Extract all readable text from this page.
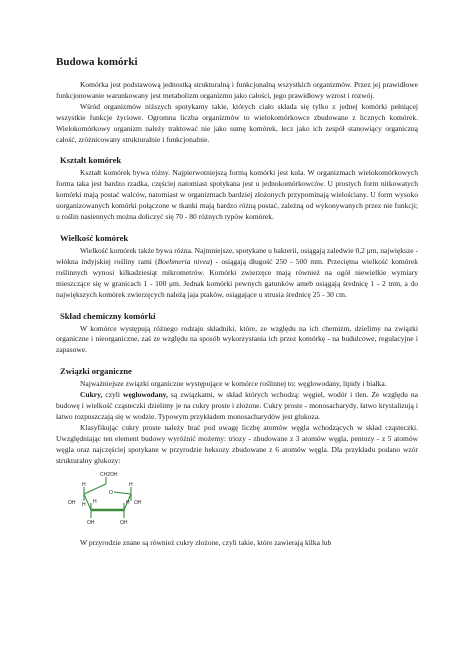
Budowa komórki

Komórka jest podstawową jednostką strukturalną i funkcjonalną wszystkich organizmów. Przez jej prawidłowe funkcjonowanie warunkowany jest metabolizm organizmu jako całości, jego prawidłowy wzrost i rozwój.

Wśród organizmów niższych spotykamy takie, których ciało składa się tylko z jednej komórki pełniącej wszystkie funkcje życiowe. Ogromna liczba organizmów to wielokomórkowce zbudowane z licznych komórek. Wielokomórkowy organizm należy traktować nie jako sumę komórek, lecz jako ich zespół stanowiący organiczną całość, zróżnicowany strukturalnie i funkcjonalnie.

Kształt komórek

Kształt komórek bywa różny. Najpierwotniejszą formą komórki jest kula. W organizmach wielokomórkowych forma taka jest bardzo rzadka, częściej natomiast spotykana jest u jednokomórkowców. U prostych form nitkowatych komórki mają postać walców, natomiast w organizmach bardziej złożonych przypominają wielościany. U form wysoko uorganizowanych komórki połączone w tkanki mają bardzo różną postać, zależną od wykonywanych przez nie funkcji; u roślin nasiennych można doliczyć się 70 - 80 różnych typów komórek.

Wielkość komórek

Wielkość komórek także bywa różna. Najmniejsze, spotykane u bakterii, osiągają zaledwie 0,2 μm, największe - włókna indyjskiej rośliny rami (Boehmeria nivea) - osiągają długość 250 - 500 mm. Przeciętna wielkość komórek roślinnych wynosi kilkadziesiąt mikrometrów. Komórki zwierzęce mają również na ogół niewielkie wymiary mieszczące się w granicach 1 - 100 μm. Jednak komórki pewnych gatunków ameb osiągają średnicę 1 - 2 mm, a do największych komórek zwierzęcych należą jaja ptaków, osiągające u strusia średnicę 25 - 30 cm.

Skład chemiczny komórki

W komórce występują różnego rodzaju składniki, które, ze względu na ich chemizm, dzielimy na związki organiczne i nieorganiczne, zaś ze względu na sposób wykorzystania ich przez komórkę - na budulcowe, regulacyjne i zapasowe.

Związki organiczne

Najważniejsze związki organiczne występujące w komórce roślinnej to: węglowodany, lipidy i białka.

Cukry, czyli węglowodany, są związkami, w skład których wchodzą: węgiel, wodór i tlen. Ze względu na budowę i wielkość cząsteczki dzielimy je na cukry proste i złożone. Cukry proste - monosacharydy, łatwo krystalizują i łatwo rozpuszczają się w wodzie. Typowym przykładem monosacharydów jest glukoza.

Klasyfikując cukry proste należy brać pod uwagę liczbę atomów węgla wchodzących w skład cząsteczki. Uwzględniając ten element budowy wyróżnić możemy: triozy - zbudowane z 3 atomów węgla, pentozy - z 5 atomów węgla oraz najczęściej spotykane w przyrodzie heksozy zbudowane z 6 atomów węgla. Dla przykładu podano wzór strukturalny glukozy:

CH2OH
O
H	H
OH H	OH
H
OH
H
OH

W przyrodzie znane są również cukry złożone, czyli takie, które zawierają kilka lub
